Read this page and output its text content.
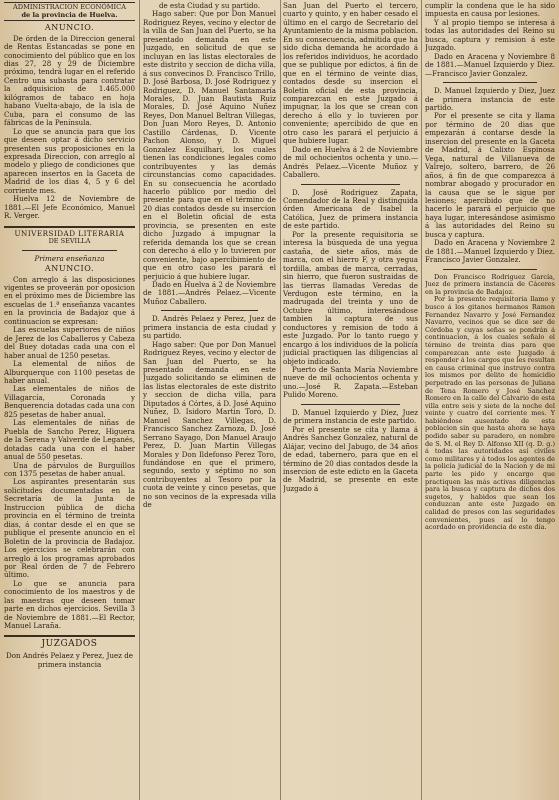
ADMINISTRACION ECONÓMICA
de la provincia de Huelva.
ANUNCIO.

De órden de la Direccion general de Rentas Estancadas se pone en conocimiento del público que en los dias 27, 28 y 29 de Diciembre próximo, tendrá lugar en el referido Centro una subasta para contratar la adquisicion de 1.465.000 kilógramos de tabaco en hoja habano Vuelta-abajo, de la isla de Cuba, para el consumo de las fábricas de la Península.

Lo que se anuncia para que los que deseen optar á dicho servicio presenten sus proposiciones en la expresada Direccion, con arreglo al modelo y pliego de condiciones que aparecen insertos en la Gaceta de Madrid de los dias 4, 5 y 6 del corriente mes.

Huelva 12 de Noviembre de 1881.—El Jefe Económico, Manuel R. Verger.

UNIVERSIDAD LITERARIA
DE SEVILLA
Primera enseñanza
ANUNCIO.

Con arreglo á las disposiciones vigentes se proveerán por oposicion en el próximo mes de Diciembre las escuelas de 1.ª enseñanza vacantes en la provincia de Badajoz que á continuacion se expresan:

Las escuelas superiores de niños de Jerez de los Caballeros y Cabeza del Buey dotadas cada una con el haber anual de 1250 pesetas.

La elemental de niños de Alburquerque con 1100 pesetas de haber anual.

Las elementales de niños de Villagarcía, Coronada y Benquerencia dotadas cada una con 825 pesetas de haber anual.

Las elementales de niñas de Puebla de Sancho Perez, Higuera de la Serena y Valverde de Leganés, dotadas cada una con el haber anual de 550 pesetas.

Una de párvulos de Burguillos con 1375 pesetas de haber anual.

Los aspirantes presentarán sus solicitudes documentadas en la Secretaría de la Junta de Instruccion pública de dicha provincia en el término de treinta dias, á contar desde el en que se publique el presente anuncio en el Boletin de la provincia de Badajoz. Los ejercicios se celebrarán con arreglo á los programas aprobados por Real órden de 7 de Febrero último.

Lo que se anuncia para conocimiento de los maestros y de las maestras que deseen tomar parte en dichos ejercicios. Sevilla 3 de Noviembre de 1881.—El Rector, Manuel Laraña.

JUZGADOS

Don Andrés Pelaez y Perez, Juez de primera instancia

de esta Ciudad y su partido.

Hago saber: Que por Don Manuel Rodriguez Reyes, vecino y elector de la villa de San Juan del Puerto, se ha presentado demanda en este Juzgado, en solicitud de que se incluyan en las listas electorales de este distrito y seccion de dicha villa, á sus convecinos D. Francisco Trillo, D. José Barbosa, D. José Rodriguez y Rodriguez, D. Manuel Santamaría Morales, D. Juan Bautista Ruiz Morales, D. José Aquino Nuñez Reyes, Don Manuel Beltran Villegas, Don Juan Moro Reyes, D. Antonio Castillo Cárdenas, D. Vicente Pachon Alonso, y D. Miguel Gonzalez Esquilhari, los cuales tienen las condiciones legales como contribuyentes y las demás circunstancias como capacidades. En su consecuencia he acordado hacerlo público por medio del presente para que en el término de 20 dias contados desde su insercion en el Boletin oficial de esta provincia, se presenten en este dicho Juzgado á impugnar la referida demanda los que se crean con derecho á ello y lo tuvieren por conveniente, bajo apercibimiento de que en otro caso les parará el perjuicio á que hubiere lugar.

Dado en Huelva á 2 de Noviembre de 1881.—Andrés Pelaez.—Vicente Muñoz Caballero.

D. Andrés Pelaez y Perez, Juez de primera instancia de esta ciudad y su partido.

Hago saber: Que por Don Manuel Rodriguez Reyes, vecino y elector de San Juan del Puerto, se ha presentado demanda en este Juzgado solicitando se eliminen de las listas electorales de este distrito y seccion de dicha villa, para Diputados á Córtes, á D. José Aquino Nuñez, D. Isidoro Martin Toro, D. Manuel Sanchez Villegas, D. Francisco Sanchez Zarnoza, D. José Serrano Sayago, Don Manuel Araujo Perez, D. Juan Martin Villegas Morales y Don Ildefonso Perez Toro, fundándose en que el primero, segundo, sexto y séptimo no son contribuyentes al Tesoro por la cuota de veinte y cinco pesetas, que no son vecinos de la expresada villa de

San Juan del Puerto el tercero, cuarto y quinto, y en haber cesado el último en el cargo de Secretario del Ayuntamiento de la misma poblacion. En su consecuencia, admitida que ha sido dicha demanda he acordado á los referidos individuos, he acordado que se publique por edictos, á fin de que en el término de veinte dias, contados desde su insercion el Boletin oficial de esta provincia, comparezcan en este Juzgado á impugnar, la los que se crean con derecho á ello y lo tuvieren por conveniente; apercibido de que en otro caso les parará el perjuicio á que hubiere lugar.

Dado en Huelva á 2 de Noviembre de mil ochocientos ochenta y uno.—Andrés Pelaez.—Vicente Muñoz y Caballero.

D. José Rodriguez Zapata, Comendador de la Real y distinguida órden Americana de Isabel la Católica, Juez de primera instancia de este partido.

Por la presente requisitoria se interesa la búsqueda de una yegua castaña, de siete años, más de marca, con el hierro F, y otra yegua tordilla, ambas de marca, cerradas, sin hierro, que fueron sustraidas de las tierras llamadas Veredas de Verdugon este término, en la madrugada del treinta y uno de Octubre último, interesándose tambien la captura de sus conductores y remision de todo á este Juzgado. Por lo tanto ruego y encargo á los individuos de la policía judicial practiquen las diligencias al objeto indicado.

Puerto de Santa María Noviembre nueve de mil ochocientos ochenta y uno.—José R. Zapata.—Esteban Pulido Moreno.

D. Manuel Izquierdo y Diez, Juez de primera instancia de este partido.

Por el presente se cita y llama á Andrés Sanchez Gonzalez, natural de Alájar, vecino del Jabugo, de 34 años de edad, tabernero, para que en el término de 20 dias contados desde la insercion de este edicto en la Gaceta de Madrid, se presente en este Juzgado á

cumplir la condena que le ha sido impuesta en causa por lesiones.

Y al propio tiempo se interesa á todas las autoridades del Reino su busca, captura y remision á este Juzgado.

Dado en Aracena y Noviembre 8 de 1881.—Manuel Izquierdo y Diez.—Francisco Javier Gonzalez.

D. Manuel Izquierdo y Diez, Juez de primera instancia de este partido.

Por el presente se cita y llama por término de 20 dias que empezarán á contarse desde la insercion del presente en la Gaceta de Madrid, á Calixto Espinosa Vega, natural de Villanueva de Valrejo, soltero, barrero, de 26 años, á fin de que comparezca á nombrar abogado y procurador en la causa que se le sigue por lesiones; apercibido que de no hacerlo le parará el perjuicio que haya lugar, interesándose asimismo á las autoridades del Reino su busca y captura.

Dado en Aracena y Noviembre 2 de 1881.—Manuel Izquierdo y Diez. Francisco Javier Gonzalez.

Don Francisco Rodriguez García, Juez de primera instancia de Cáceres en la provincia de Badajoz.

Por la presente requisitoria llamo y busco á los gitanos hermanos Ramon Fernandez Navarro y José Fernandez Navarro, vecinos que se dice ser de Córdoba y cuyas señas se pondrán á continuacion, á los cuales señalo el término de treinta dias para que comparezcan ante este Juzgado á responder á los cargos que les resultan en causa criminal que instruyo contra los mismos por delito de homicidio perpetrado en las personas de Juliana de Tena Romero y José Sanchez Romero en la calle del Calvario de esta villa entre seis y siete de la noche del veinte y cuatro del corriente mes. Y habiéndose ausentado de esta poblacion sin que hasta ahora se haya podido saber su paradero, en nombre de S. M. el Rey D. Alfonso XII (q. D. g.) á todas las autoridades así civiles como militares y á todos los agentes de la policía judicial de la Nacion y de mi parte les pido y encargo que practiquen las más activas diligencias para la busca y captura de dichos dos sugetos, y habidos que sean los conduzcan ante este Juzgado en calidad de presos con las seguridades convenientes, pues así lo tengo acordado en providencia de este día.
